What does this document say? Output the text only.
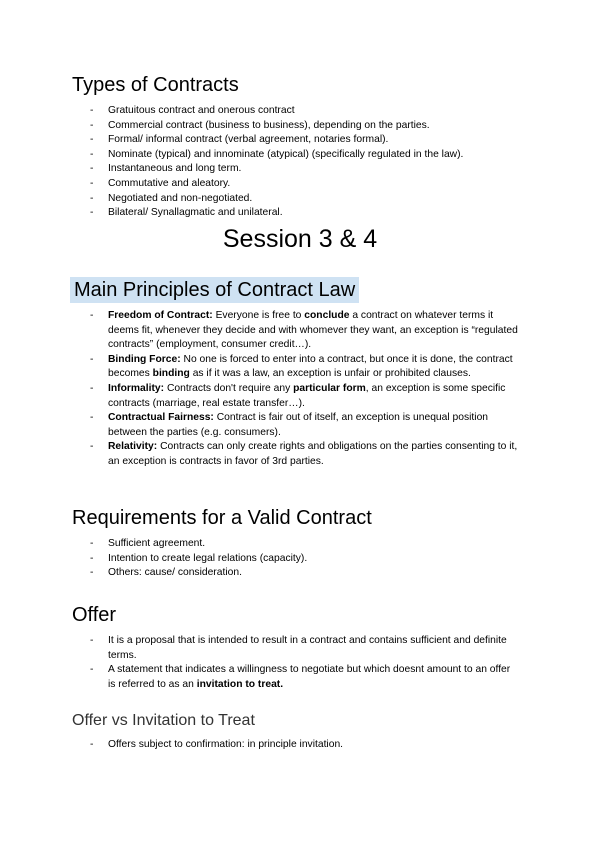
Types of Contracts
- Gratuitous contract and onerous contract
- Commercial contract (business to business), depending on the parties.
- Formal/ informal contract (verbal agreement, notaries formal).
- Nominate (typical) and innominate (atypical) (specifically regulated in the law).
- Instantaneous and long term.
- Commutative and aleatory.
- Negotiated and non-negotiated.
- Bilateral/ Synallagmatic and unilateral.
Session 3 & 4
Main Principles of Contract Law
- Freedom of Contract: Everyone is free to conclude a contract on whatever terms it deems fit, whenever they decide and with whomever they want, an exception is “regulated contracts” (employment, consumer credit…).
- Binding Force: No one is forced to enter into a contract, but once it is done, the contract becomes binding as if it was a law, an exception is unfair or prohibited clauses.
- Informality: Contracts don't require any particular form, an exception is some specific contracts (marriage, real estate transfer…).
- Contractual Fairness: Contract is fair out of itself, an exception is unequal position between the parties (e.g. consumers).
- Relativity: Contracts can only create rights and obligations on the parties consenting to it, an exception is contracts in favor of 3rd parties.
Requirements for a Valid Contract
- Sufficient agreement.
- Intention to create legal relations (capacity).
- Others: cause/ consideration.
Offer
- It is a proposal that is intended to result in a contract and contains sufficient and definite terms.
- A statement that indicates a willingness to negotiate but which doesnt amount to an offer is referred to as an invitation to treat.
Offer vs Invitation to Treat
- Offers subject to confirmation: in principle invitation.
